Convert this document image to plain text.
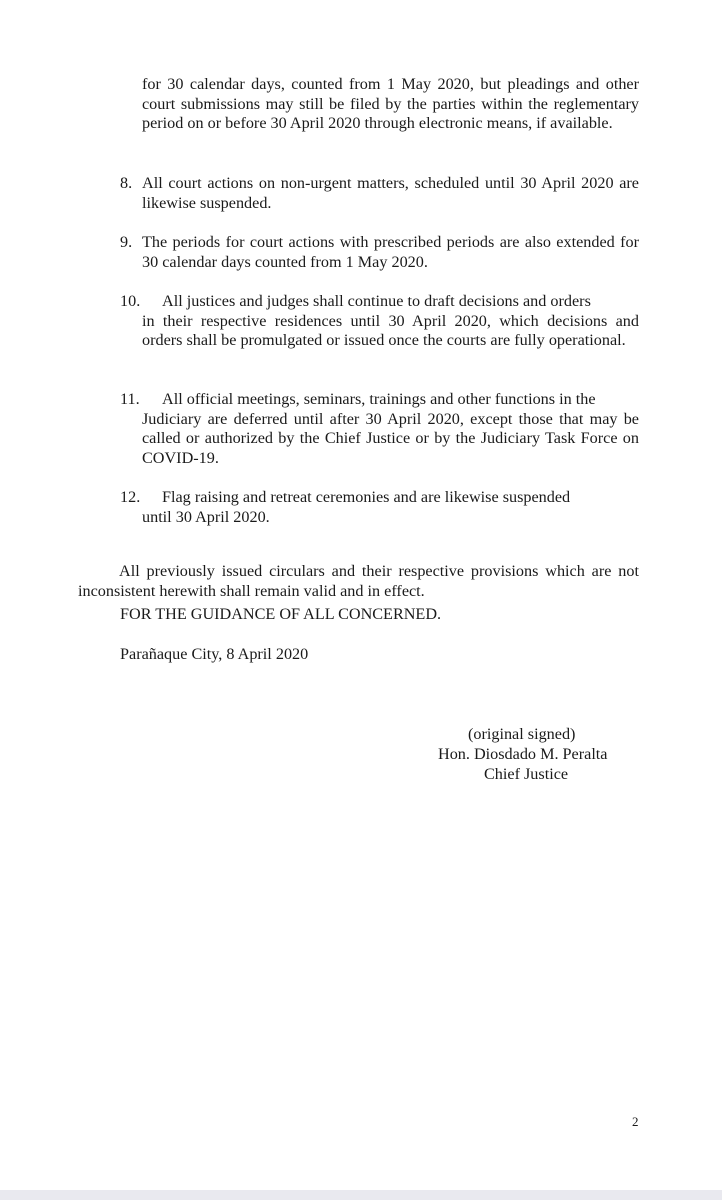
for 30 calendar days, counted from 1 May 2020, but pleadings and other court submissions may still be filed by the parties within the reglementary period on or before 30 April 2020 through electronic means, if available.

8. All court actions on non-urgent matters, scheduled until 30 April 2020 are likewise suspended.
9. The periods for court actions with prescribed periods are also extended for 30 calendar days counted from 1 May 2020.
10. All justices and judges shall continue to draft decisions and orders
in their respective residences until 30 April 2020, which decisions and orders shall be promulgated or issued once the courts are fully operational.
11. All official meetings, seminars, trainings and other functions in the
Judiciary are deferred until after 30 April 2020, except those that may be called or authorized by the Chief Justice or by the Judiciary Task Force on COVID-19.
12. Flag raising and retreat ceremonies and are likewise suspended
until 30 April 2020.

All previously issued circulars and their respective provisions which are not inconsistent herewith shall remain valid and in effect.

FOR THE GUIDANCE OF ALL CONCERNED.
Parañaque City, 8 April 2020
(original signed)
Hon. Diosdado M. Peralta
Chief Justice
2
